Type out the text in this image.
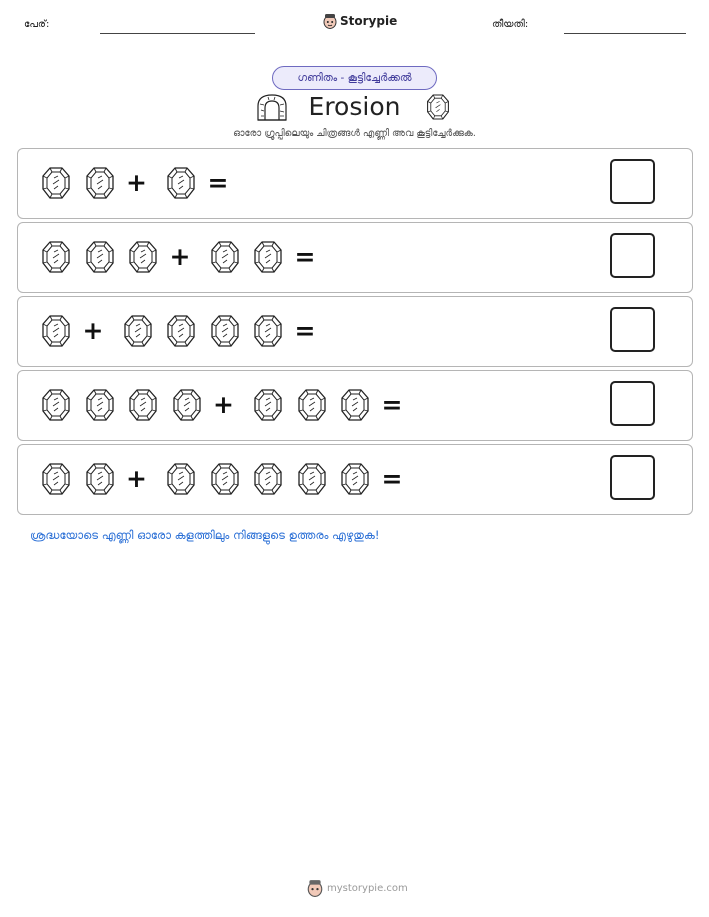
പേര്:	Storypie	തീയതി:
ഗണിതം - കൂട്ടിച്ചേർക്കൽ
Erosion
ഓരോ ഗ്രൂപ്പിലെയും ചിത്രങ്ങൾ എണ്ണി അവ കൂട്ടിച്ചേർക്കുക.
+ =
+	=
+	=
+	=
+	=
ശ്രദ്ധയോടെ എണ്ണി ഓരോ കളത്തിലും നിങ്ങളുടെ ഉത്തരം എഴുതുക!
mystorypie.com
